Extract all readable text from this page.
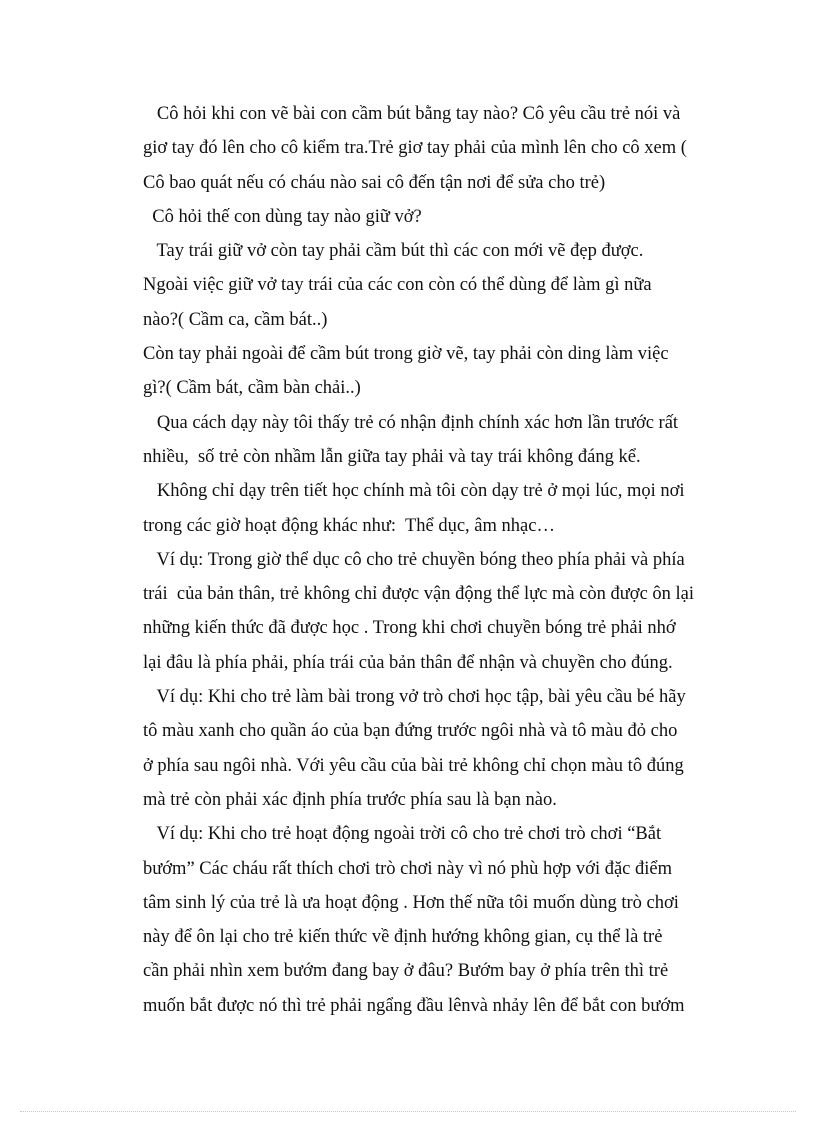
Cô hỏi khi con vẽ bài con cầm bút bằng tay nào? Cô yêu cầu trẻ nói và
giơ tay đó lên cho cô kiểm tra.Trẻ giơ tay phải của mình lên cho cô xem (
Cô bao quát nếu có cháu nào sai cô đến tận nơi để sửa cho trẻ)
Cô hỏi thế con dùng tay nào giữ vở?
Tay trái giữ vở còn tay phải cầm bút thì các con mới vẽ đẹp được.
Ngoài việc giữ vở tay trái của các con còn có thể dùng để làm gì nữa
nào?( Cầm ca, cầm bát..)
Còn tay phải ngoài để cầm bút trong giờ vẽ, tay phải còn ding làm việc
gì?( Cầm bát, cầm bàn chải..)
Qua cách dạy này tôi thấy trẻ có nhận định chính xác hơn lần trước rất
nhiều,  số trẻ còn nhầm lẫn giữa tay phải và tay trái không đáng kể.
Không chỉ dạy trên tiết học chính mà tôi còn dạy trẻ ở mọi lúc, mọi nơi
trong các giờ hoạt động khác như:  Thể dục, âm nhạc…
Ví dụ: Trong giờ thể dục cô cho trẻ chuyền bóng theo phía phải và phía
trái  của bản thân, trẻ không chỉ được vận động thể lực mà còn được ôn lại
những kiến thức đã được học . Trong khi chơi chuyền bóng trẻ phải nhớ
lại đâu là phía phải, phía trái của bản thân để nhận và chuyền cho đúng.
Ví dụ: Khi cho trẻ làm bài trong vở trò chơi học tập, bài yêu cầu bé hãy
tô màu xanh cho quần áo của bạn đứng trước ngôi nhà và tô màu đỏ cho
ở phía sau ngôi nhà. Với yêu cầu của bài trẻ không chỉ chọn màu tô đúng
mà trẻ còn phải xác định phía trước phía sau là bạn nào.
Ví dụ: Khi cho trẻ hoạt động ngoài trời cô cho trẻ chơi trò chơi “Bắt
bướm” Các cháu rất thích chơi trò chơi này vì nó phù hợp với đặc điểm
tâm sinh lý của trẻ là ưa hoạt động . Hơn thế nữa tôi muốn dùng trò chơi
này để ôn lại cho trẻ kiến thức về định hướng không gian, cụ thể là trẻ
cần phải nhìn xem bướm đang bay ở đâu? Bướm bay ở phía trên thì trẻ
muốn bắt được nó thì trẻ phải ngẩng đầu lênvà nhảy lên để bắt con bướm
